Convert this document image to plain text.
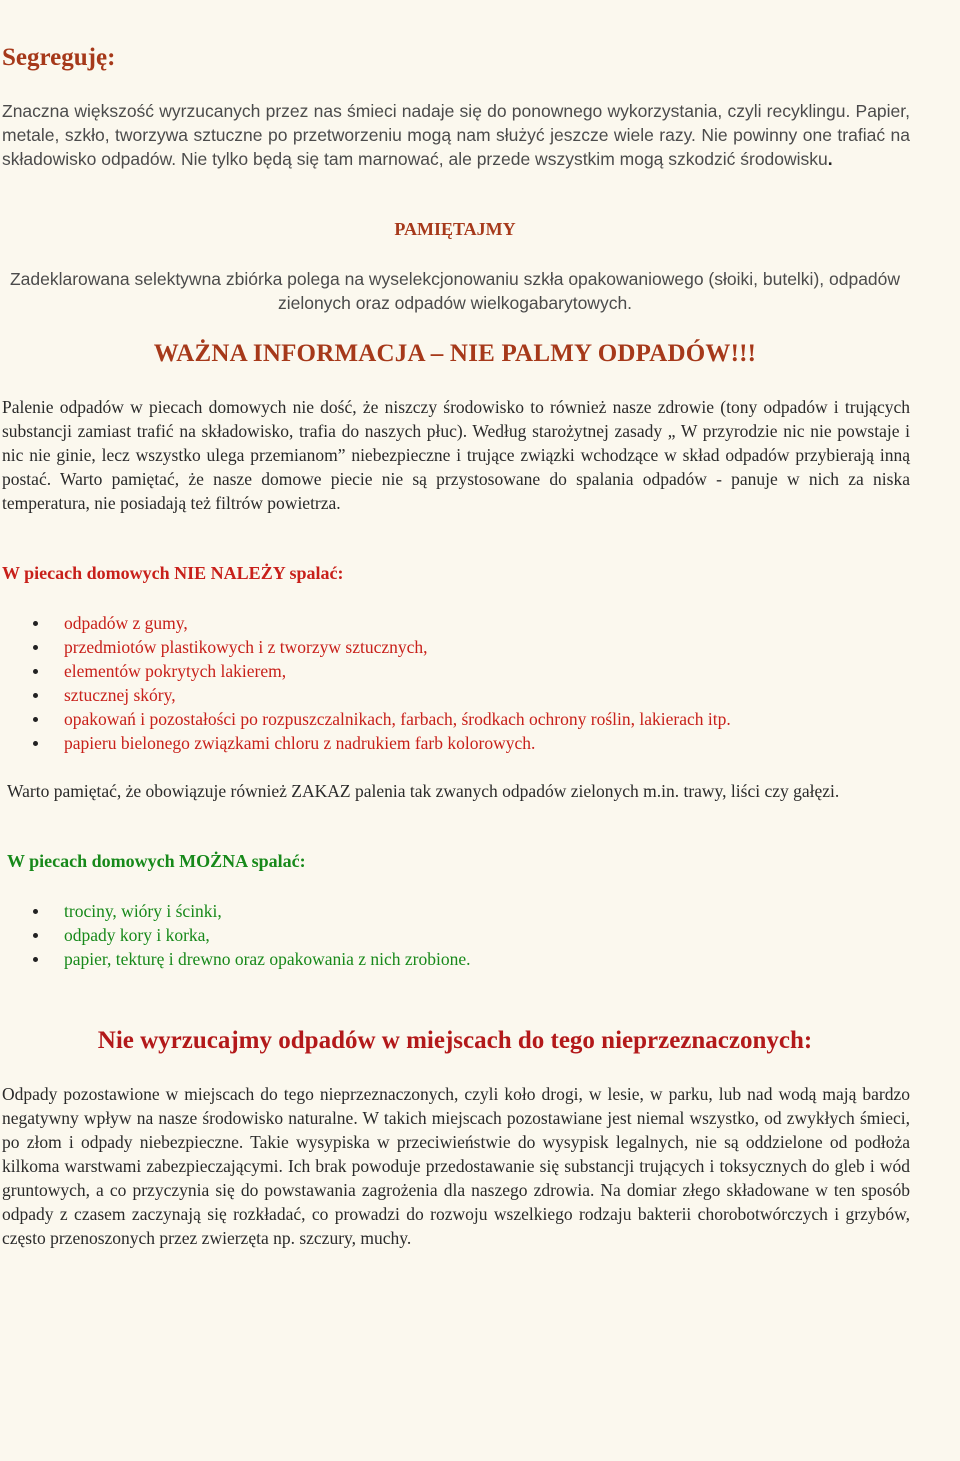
Segreguję:
Znaczna większość wyrzucanych przez nas śmieci nadaje się do ponownego wykorzystania, czyli recyklingu. Papier, metale, szkło, tworzywa sztuczne po przetworzeniu mogą nam służyć jeszcze wiele razy. Nie powinny one trafiać na składowisko odpadów. Nie tylko będą się tam marnować, ale przede wszystkim mogą szkodzić środowisku.
PAMIĘTAJMY
Zadeklarowana selektywna zbiórka polega na wyselekcjonowaniu szkła opakowaniowego (słoiki, butelki), odpadów zielonych oraz odpadów wielkogabarytowych.
WAŻNA INFORMACJA – NIE PALMY ODPADÓW!!!
Palenie odpadów w piecach domowych nie dość, że niszczy środowisko to również nasze zdrowie (tony odpadów i trujących substancji zamiast trafić na składowisko, trafia do naszych płuc). Według starożytnej zasady „ W przyrodzie nic nie powstaje i nic nie ginie, lecz wszystko ulega przemianom” niebezpieczne i trujące związki wchodzące w skład odpadów przybierają inną postać. Warto pamiętać, że nasze domowe piecie nie są przystosowane do spalania odpadów - panuje w nich za niska temperatura, nie posiadają też filtrów powietrza.
W piecach domowych NIE NALEŻY spalać:
odpadów z gumy,
przedmiotów plastikowych i z tworzyw sztucznych,
elementów pokrytych lakierem,
sztucznej skóry,
opakowań i pozostałości po rozpuszczalnikach, farbach, środkach ochrony roślin, lakierach itp.
papieru bielonego związkami chloru z nadrukiem farb kolorowych.
Warto pamiętać, że obowiązuje również ZAKAZ palenia tak zwanych odpadów zielonych m.in. trawy, liści czy gałęzi.
W piecach domowych MOŻNA spalać:
trociny, wióry i ścinki,
odpady kory i korka,
papier, tekturę i drewno oraz opakowania z nich zrobione.
Nie wyrzucajmy odpadów w miejscach do tego nieprzeznaczonych:
Odpady pozostawione w miejscach do tego nieprzeznaczonych, czyli koło drogi, w lesie, w parku, lub nad wodą mają bardzo negatywny wpływ na nasze środowisko naturalne. W takich miejscach pozostawiane jest niemal wszystko, od zwykłych śmieci, po złom i odpady niebezpieczne. Takie wysypiska w przeciwieństwie do wysypisk legalnych, nie są oddzielone od podłoża kilkoma warstwami zabezpieczającymi. Ich brak powoduje przedostawanie się substancji trujących i toksycznych do gleb i wód gruntowych, a co przyczynia się do powstawania zagrożenia dla naszego zdrowia. Na domiar złego składowane w ten sposób odpady z czasem zaczynają się rozkładać, co prowadzi do rozwoju wszelkiego rodzaju bakterii chorobotwórczych i grzybów, często przenoszonych przez zwierzęta np. szczury, muchy.
